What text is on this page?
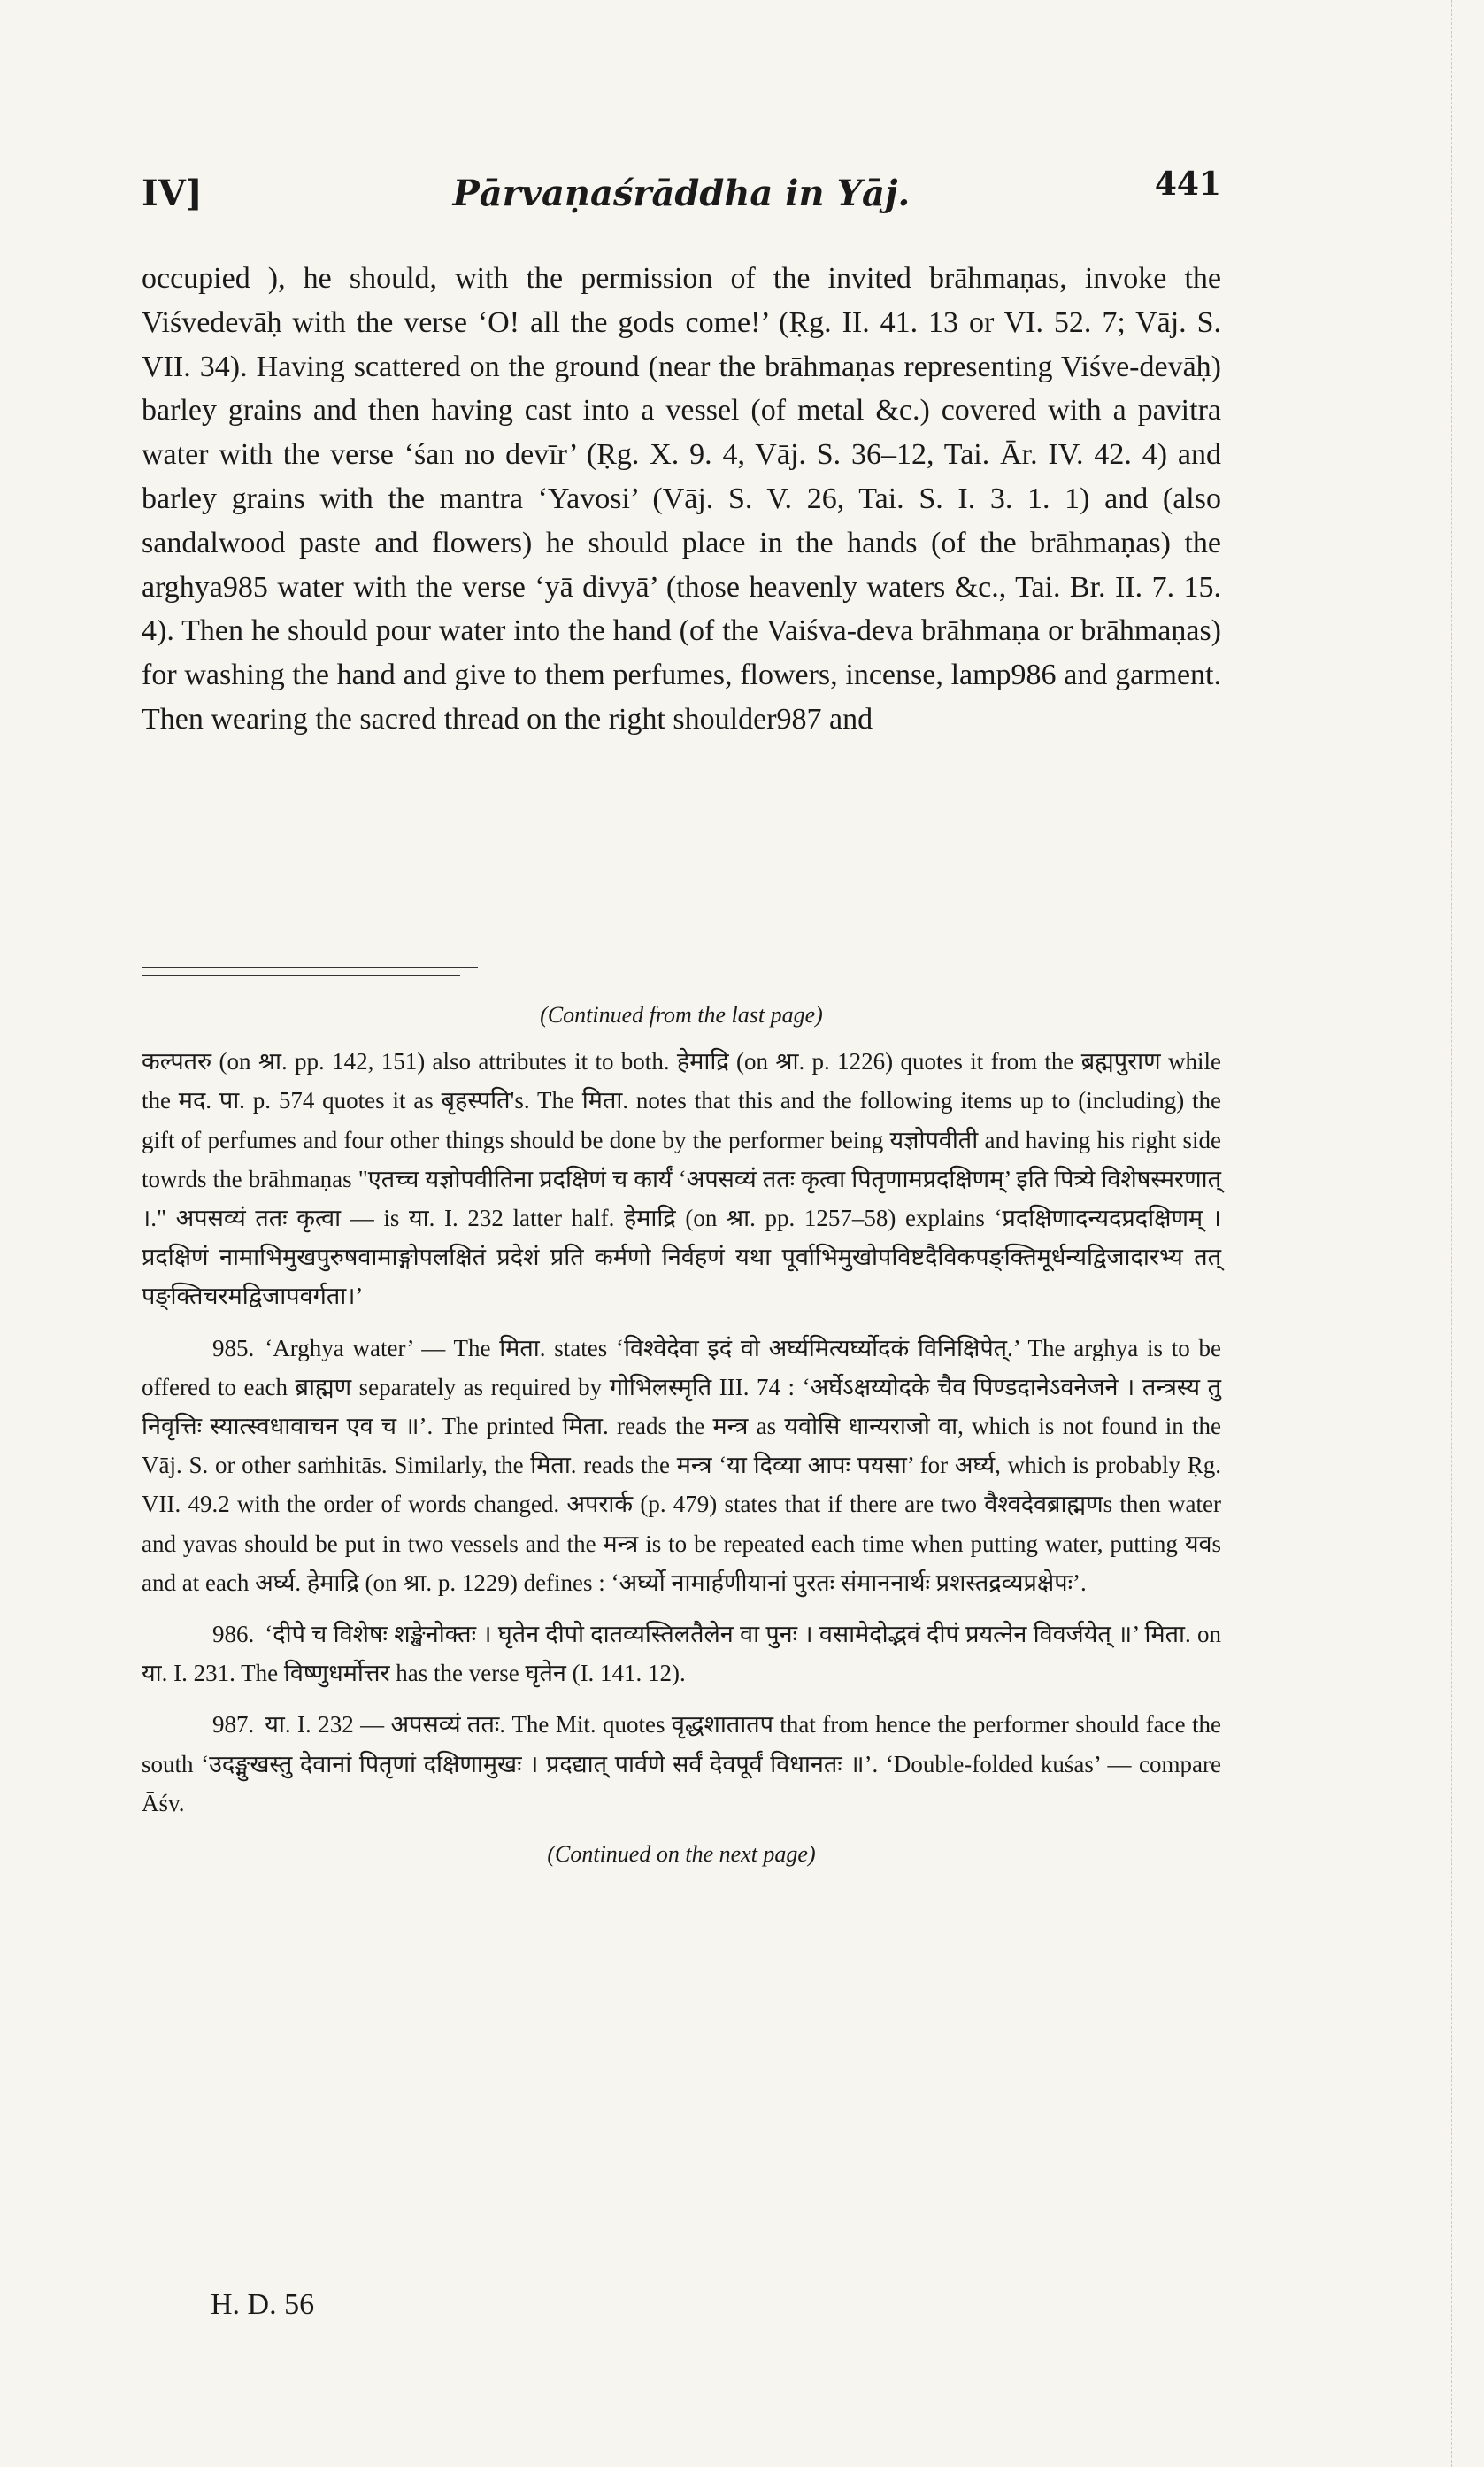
IV]	Pārvaṇaśrāddha in Yāj.	441

occupied ), he should, with the permission of the invited brāhmaṇas, invoke the Viśvedevāḥ with the verse ‘O! all the gods come!’ (Ṛg. II. 41. 13 or VI. 52. 7; Vāj. S. VII. 34). Having scattered on the ground (near the brāhmaṇas representing Viśve-devāḥ) barley grains and then having cast into a vessel (of metal &c.) covered with a pavitra water with the verse ‘śan no devīr’ (Ṛg. X. 9. 4, Vāj. S. 36–12, Tai. Ār. IV. 42. 4) and barley grains with the mantra ‘Yavosi’ (Vāj. S. V. 26, Tai. S. I. 3. 1. 1) and (also sandalwood paste and flowers) he should place in the hands (of the brāhmaṇas) the arghya985 water with the verse ‘yā divyā’ (those heavenly waters &c., Tai. Br. II. 7. 15. 4). Then he should pour water into the hand (of the Vaiśva-deva brāhmaṇa or brāhmaṇas) for washing the hand and give to them perfumes, flowers, incense, lamp986 and garment. Then wearing the sacred thread on the right shoulder987 and

(Continued from the last page)

कल्पतरु (on श्रा. pp. 142, 151) also attributes it to both. हेमाद्रि (on श्रा. p. 1226) quotes it from the ब्रह्मपुराण while the मद. पा. p. 574 quotes it as बृहस्पति's. The मिता. notes that this and the following items up to (including) the gift of perfumes and four other things should be done by the performer being यज्ञोपवीती and having his right side towrds the brāhmaṇas "एतच्च यज्ञोपवीतिना प्रदक्षिणं च कार्यं ‘अपसव्यं ततः कृत्वा पितृणामप्रदक्षिणम्’ इति पित्र्ये विशेषस्मरणात् ।." अपसव्यं ततः कृत्वा — is या. I. 232 latter half. हेमाद्रि (on श्रा. pp. 1257–58) explains ‘प्रदक्षिणादन्यदप्रदक्षिणम् । प्रदक्षिणं नामाभिमुखपुरुषवामाङ्गोपलक्षितं प्रदेशं प्रति कर्मणो निर्वहणं यथा पूर्वाभिमुखोपविष्टदैविकपङ्क्तिमूर्धन्यद्विजादारभ्य तत् पङ्क्तिचरमद्विजापवर्गता।’

985. ‘Arghya water’ — The मिता. states ‘विश्वेदेवा इदं वो अर्घ्यमित्यर्घ्योदकं विनिक्षिपेत्.’ The arghya is to be offered to each ब्राह्मण separately as required by गोभिलस्मृति III. 74 : ‘अर्घेऽक्षय्योदके चैव पिण्डदानेऽवनेजने । तन्त्रस्य तु निवृत्तिः स्यात्स्वधावाचन एव च ॥’. The printed मिता. reads the मन्त्र as यवोसि धान्यराजो वा, which is not found in the Vāj. S. or other saṁhitās. Similarly, the मिता. reads the मन्त्र ‘या दिव्या आपः पयसा’ for अर्घ्य, which is probably Ṛg. VII. 49.2 with the order of words changed. अपरार्क (p. 479) states that if there are two वैश्वदेवब्राह्मणs then water and yavas should be put in two vessels and the मन्त्र is to be repeated each time when putting water, putting यवs and at each अर्घ्य. हेमाद्रि (on श्रा. p. 1229) defines : ‘अर्घ्यो नामार्हणीयानां पुरतः संमाननार्थः प्रशस्तद्रव्यप्रक्षेपः’.

986. ‘दीपे च विशेषः शङ्खेनोक्तः । घृतेन दीपो दातव्यस्तिलतैलेन वा पुनः । वसामेदोद्भवं दीपं प्रयत्नेन विवर्जयेत् ॥’ मिता. on या. I. 231. The विष्णुधर्मोत्तर has the verse घृतेन (I. 141. 12).

987. या. I. 232 — अपसव्यं ततः. The Mit. quotes वृद्धशातातप that from hence the performer should face the south ‘उदङ्मुखस्तु देवानां पितृणां दक्षिणामुखः । प्रदद्यात् पार्वणे सर्वं देवपूर्वं विधानतः ॥’. ‘Double-folded kuśas’ — compare Āśv.

(Continued on the next page)
H. D. 56
